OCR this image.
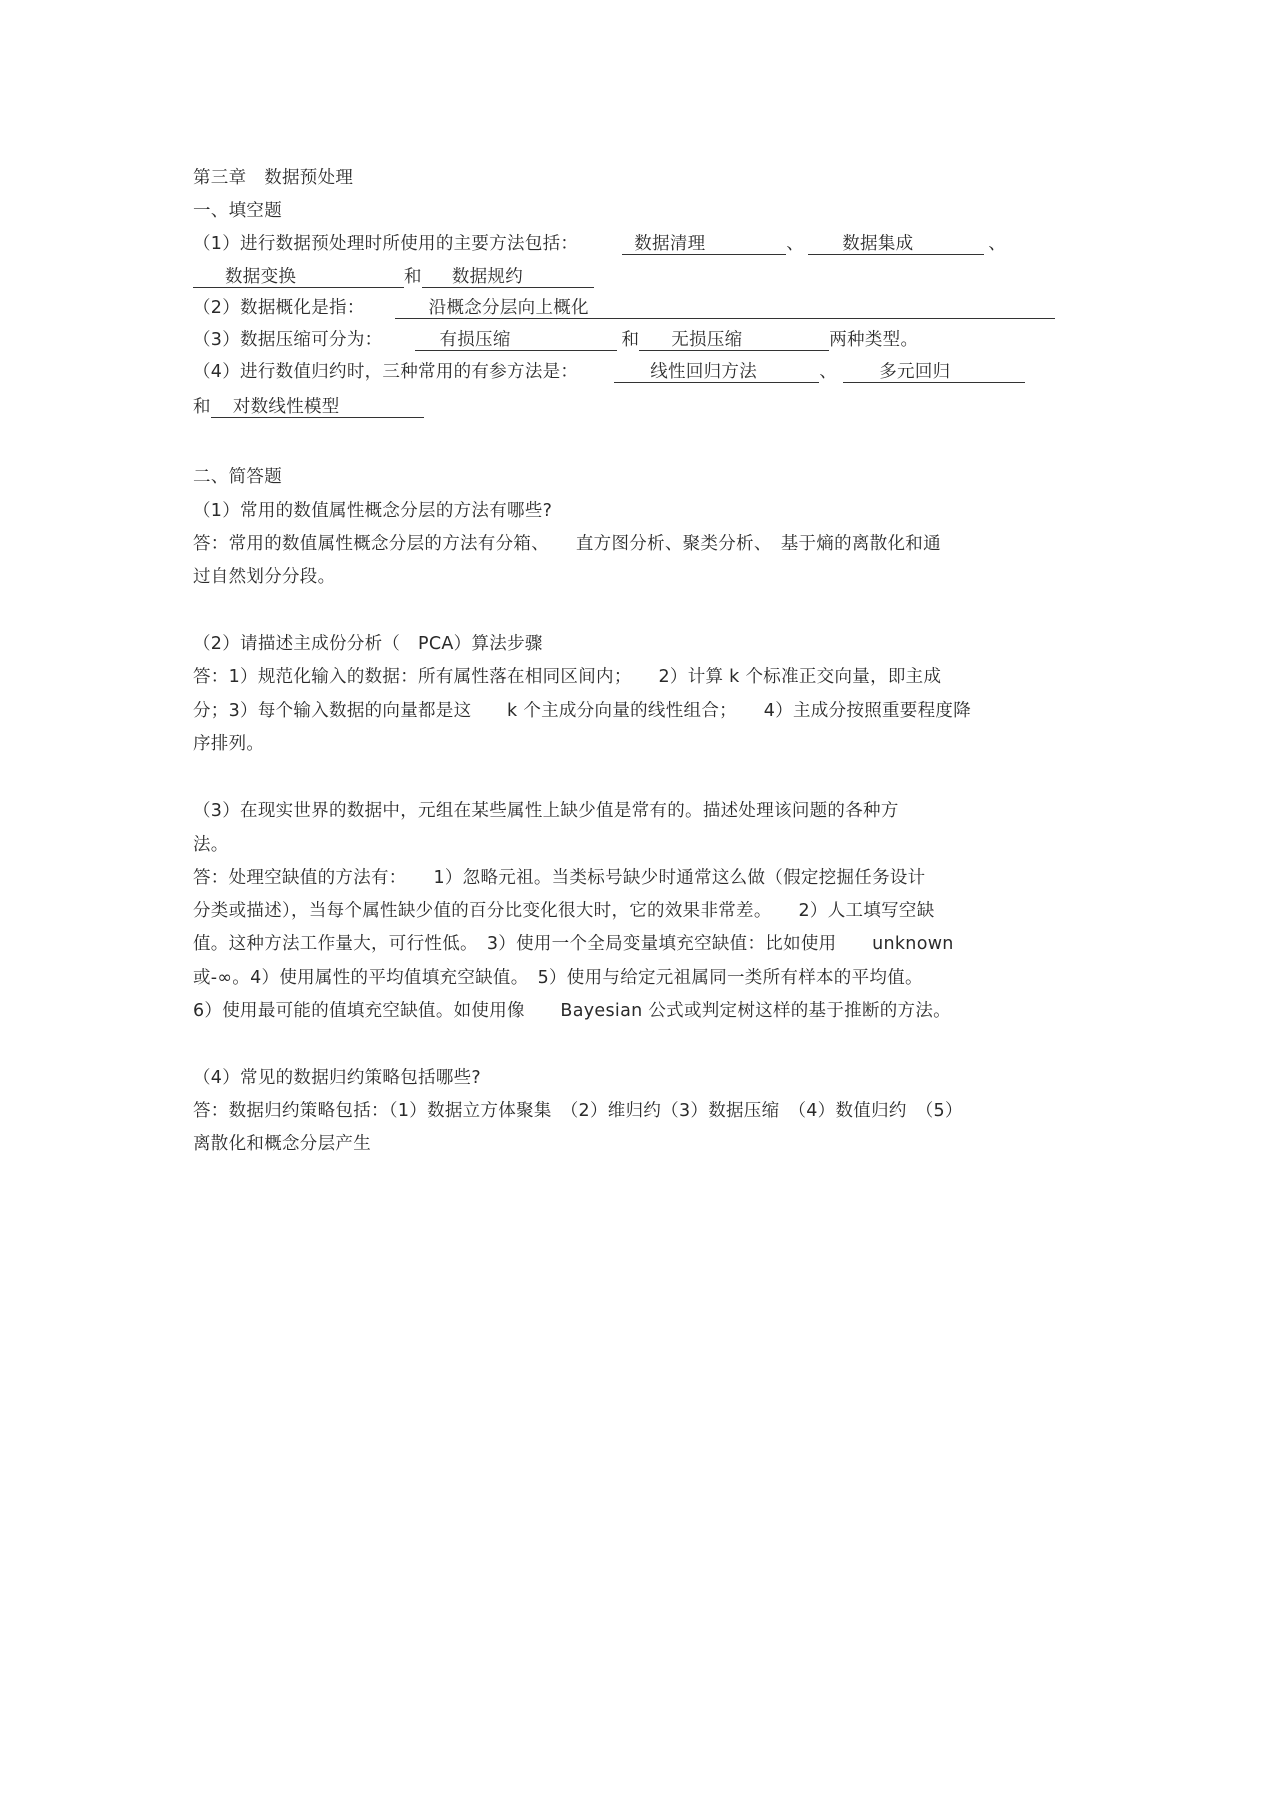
第三章　数据预处理
一、填空题
（1）进行数据预处理时所使用的主要方法包括：	数据清理	、 数据集成	、
数据变换	和 数据规约
（2）数据概化是指：	沿概念分层向上概化
（3）数据压缩可分为：	有损压缩	和 无损压缩	两种类型。
（4）进行数值归约时，三种常用的有参方法是：	线性回归方法	、 多元回归
和 对数线性模型
二、简答题
（1）常用的数值属性概念分层的方法有哪些?
答：常用的数值属性概念分层的方法有分箱、　　直方图分析、聚类分析、　基于熵的离散化和通
过自然划分分段。
（2）请描述主成份分析（　PCA）算法步骤
答：1）规范化输入的数据：所有属性落在相同区间内；　　2）计算 k 个标准正交向量，即主成
分；3）每个输入数据的向量都是这　　k 个主成分向量的线性组合；　　4）主成分按照重要程度降
序排列。
（3）在现实世界的数据中，元组在某些属性上缺少值是常有的。描述处理该问题的各种方
法。
答：处理空缺值的方法有：　　1）忽略元祖。当类标号缺少时通常这么做（假定挖掘任务设计
分类或描述），当每个属性缺少值的百分比变化很大时，它的效果非常差。　　2）人工填写空缺
值。这种方法工作量大，可行性低。　3）使用一个全局变量填充空缺值：比如使用　　unknown
或-∞。4）使用属性的平均值填充空缺值。　5）使用与给定元祖属同一类所有样本的平均值。
6）使用最可能的值填充空缺值。如使用像　　Bayesian 公式或判定树这样的基于推断的方法。
（4）常见的数据归约策略包括哪些?
答：数据归约策略包括：（1）数据立方体聚集　（2）维归约（3）数据压缩　（4）数值归约　（5）
离散化和概念分层产生
